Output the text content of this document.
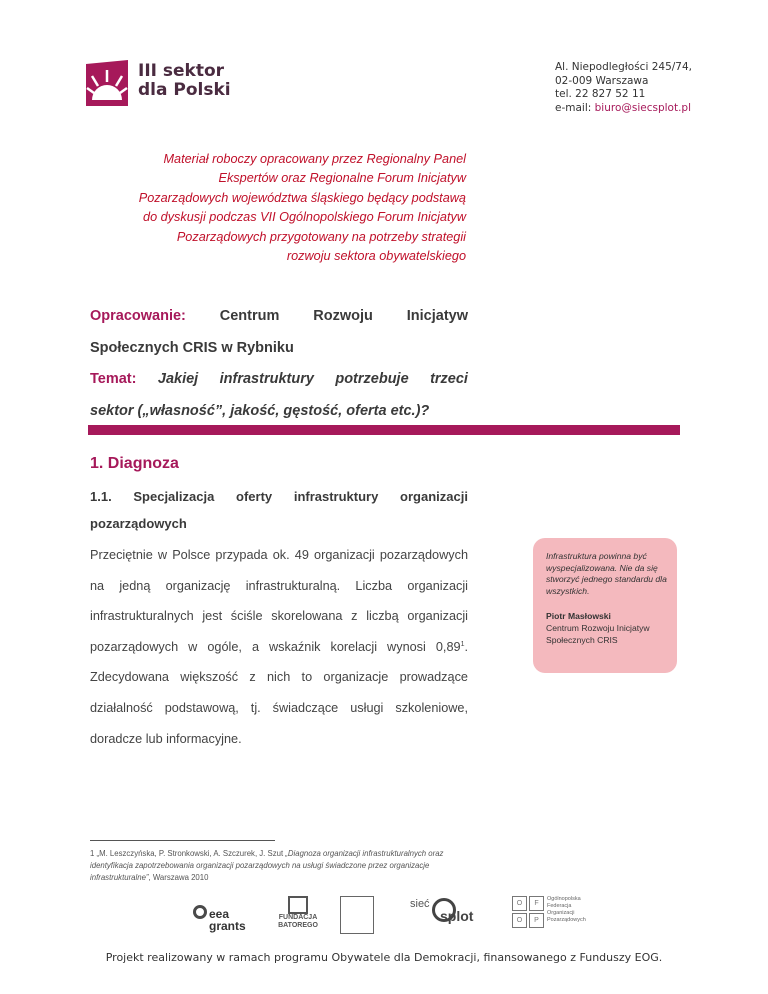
III sektor
dla Polski
Al. Niepodległości 245/74,
02-009 Warszawa
tel. 22 827 52 11
e-mail: biuro@siecsplot.pl
Materiał roboczy opracowany przez Regionalny Panel
Ekspertów oraz Regionalne Forum Inicjatyw
Pozarządowych województwa śląskiego będący podstawą
do dyskusji podczas VII Ogólnopolskiego Forum Inicjatyw
Pozarządowych przygotowany na potrzeby strategii
rozwoju sektora obywatelskiego
Opracowanie: Centrum Rozwoju Inicjatyw
Społecznych CRIS w Rybniku
Temat: Jakiej infrastruktury potrzebuje trzeci
sektor („własność”, jakość, gęstość, oferta etc.)?
1. Diagnoza
1.1. Specjalizacja oferty infrastruktury organizacji
pozarządowych
Przeciętnie w Polsce przypada ok. 49 organizacji pozarządowych na jedną organizację infrastrukturalną. Liczba organizacji infrastrukturalnych jest ściśle skorelowana z liczbą organizacji pozarządowych w ogóle, a wskaźnik korelacji wynosi 0,89$^1$. Zdecydowana większość z nich to organizacje prowadzące działalność podstawową, tj. świadczące usługi szkoleniowe, doradcze lub informacyjne.
Infrastruktura powinna być wyspecjalizowana. Nie da się stworzyć jednego standardu dla wszystkich.
Piotr Masłowski
Centrum Rozwoju Inicjatyw Społecznych CRIS
1 „M. Leszczyńska, P. Stronkowski, A. Szczurek, J. Szut „Diagnoza organizacji infrastrukturalnych oraz identyfikacja zapotrzebowania organizacji pozarządowych na usługi świadczone przez organizacje infrastrukturalne”, Warszawa 2010
eea
grants
FUNDACJA BATOREGO
sieć
splot
O	F
O	P
Ogólnopolska Federacja Organizacji Pozarządowych
Projekt realizowany w ramach programu Obywatele dla Demokracji, finansowanego z Funduszy EOG.
